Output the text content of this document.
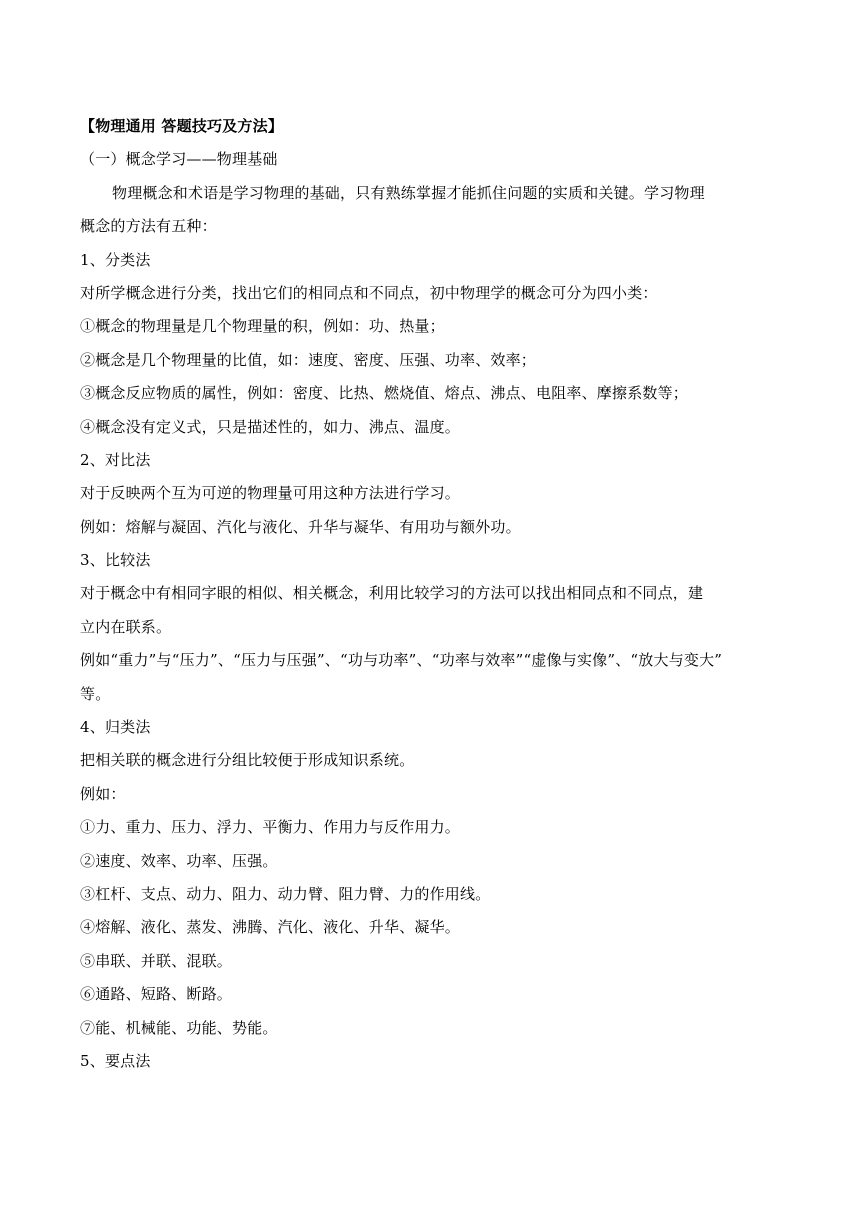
【物理通用 答题技巧及方法】
（一）概念学习——物理基础
物理概念和术语是学习物理的基础，只有熟练掌握才能抓住问题的实质和关键。学习物理
概念的方法有五种：
1、分类法
对所学概念进行分类，找出它们的相同点和不同点，初中物理学的概念可分为四小类：
①概念的物理量是几个物理量的积，例如：功、热量；
②概念是几个物理量的比值，如：速度、密度、压强、功率、效率；
③概念反应物质的属性，例如：密度、比热、燃烧值、熔点、沸点、电阻率、摩擦系数等；
④概念没有定义式，只是描述性的，如力、沸点、温度。
2、对比法
对于反映两个互为可逆的物理量可用这种方法进行学习。
例如：熔解与凝固、汽化与液化、升华与凝华、有用功与额外功。
3、比较法
对于概念中有相同字眼的相似、相关概念，利用比较学习的方法可以找出相同点和不同点，建
立内在联系。
例如“重力”与“压力”、“压力与压强”、“功与功率”、“功率与效率”“虚像与实像”、“放大与变大”
等。
4、归类法
把相关联的概念进行分组比较便于形成知识系统。
例如：
①力、重力、压力、浮力、平衡力、作用力与反作用力。
②速度、效率、功率、压强。
③杠杆、支点、动力、阻力、动力臂、阻力臂、力的作用线。
④熔解、液化、蒸发、沸腾、汽化、液化、升华、凝华。
⑤串联、并联、混联。
⑥通路、短路、断路。
⑦能、机械能、功能、势能。
5、要点法
